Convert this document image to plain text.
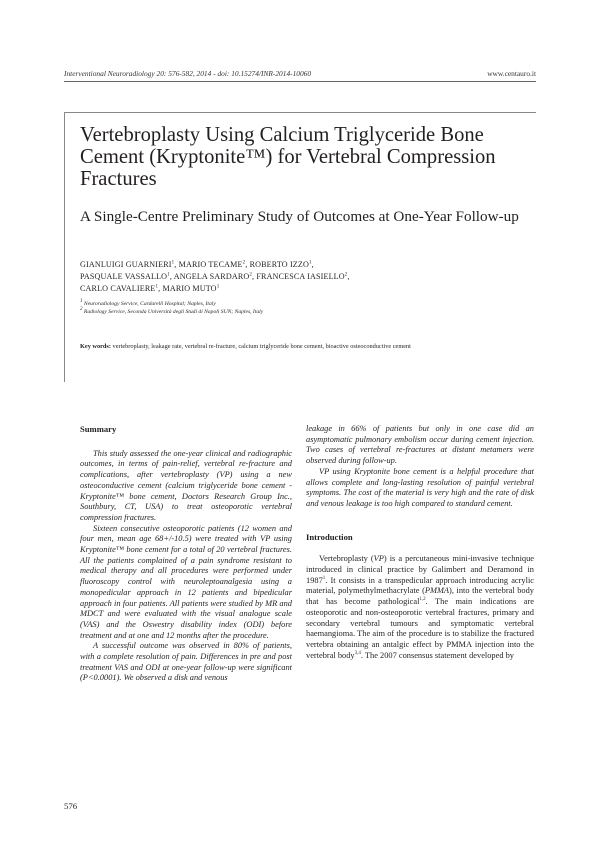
Interventional Neuroradiology 20: 576-582, 2014 - doi: 10.15274/INR-2014-10060	www.centauro.it
Vertebroplasty Using Calcium Triglyceride Bone Cement (Kryptonite™) for Vertebral Compression Fractures
A Single-Centre Preliminary Study of Outcomes at One-Year Follow-up
GIANLUIGI GUARNIERI$^1$, MARIO TECAME$^2$, ROBERTO IZZO$^1$,
PASQUALE VASSALLO$^1$, ANGELA SARDARO$^2$, FRANCESCA IASIELLO$^2$,
CARLO CAVALIERE$^1$, MARIO MUTO$^1$
$^1$ Neuroradiology Service, Cardarelli Hospital; Naples, Italy
$^2$ Radiology Service, Seconda Università degli Studi di Napoli SUN; Naples, Italy
Key words: vertebroplasty, leakage rate, vertebral re-fracture, calcium triglyceride bone cement, bioactive osteoconductive cement
Summary

This study assessed the one-year clinical and radiographic outcomes, in terms of pain-relief, vertebral re-fracture and complications, after vertebroplasty (VP) using a new osteoconductive cement (calcium triglyceride bone cement - Kryptonite™ bone cement, Doctors Research Group Inc., Southbury, CT, USA) to treat osteoporotic vertebral compression fractures.

Sixteen consecutive osteoporotic patients (12 women and four men, mean age 68+/-10.5) were treated with VP using Kryptonite™ bone cement for a total of 20 vertebral fractures. All the patients complained of a pain syndrome resistant to medical therapy and all procedures were performed under fluoroscopy control with neuroleptoanalgesia using a monopedicular approach in 12 patients and bipedicular approach in four patients. All patients were studied by MR and MDCT and were evaluated with the visual analogue scale (VAS) and the Oswestry disability index (ODI) before treatment and at one and 12 months after the procedure.

A successful outcome was observed in 80% of patients, with a complete resolution of pain. Differences in pre and post treatment VAS and ODI at one-year follow-up were significant (P<0.0001). We observed a disk and venous

leakage in 66% of patients but only in one case did an asymptomatic pulmonary embolism occur during cement injection. Two cases of vertebral re-fractures at distant metamers were observed during follow-up.

VP using Kryptonite bone cement is a helpful procedure that allows complete and long-lasting resolution of painful vertebral symptoms. The cost of the material is very high and the rate of disk and venous leakage is too high compared to standard cement.

Introduction

Vertebroplasty (VP) is a percutaneous mini-invasive technique introduced in clinical practice by Galimbert and Deramond in 1987$^1$. It consists in a transpedicular approach introducing acrylic material, polymethylmethacrylate (PMMA), into the vertebral body that has become pathological$^{1,2}$. The main indications are osteoporotic and non-osteoporotic vertebral fractures, primary and secondary vertebral tumours and symptomatic vertebral haemangioma. The aim of the procedure is to stabilize the fractured vertebra obtaining an antalgic effect by PMMA injection into the vertebral body$^{3,4}$. The 2007 consensus statement developed by

576
